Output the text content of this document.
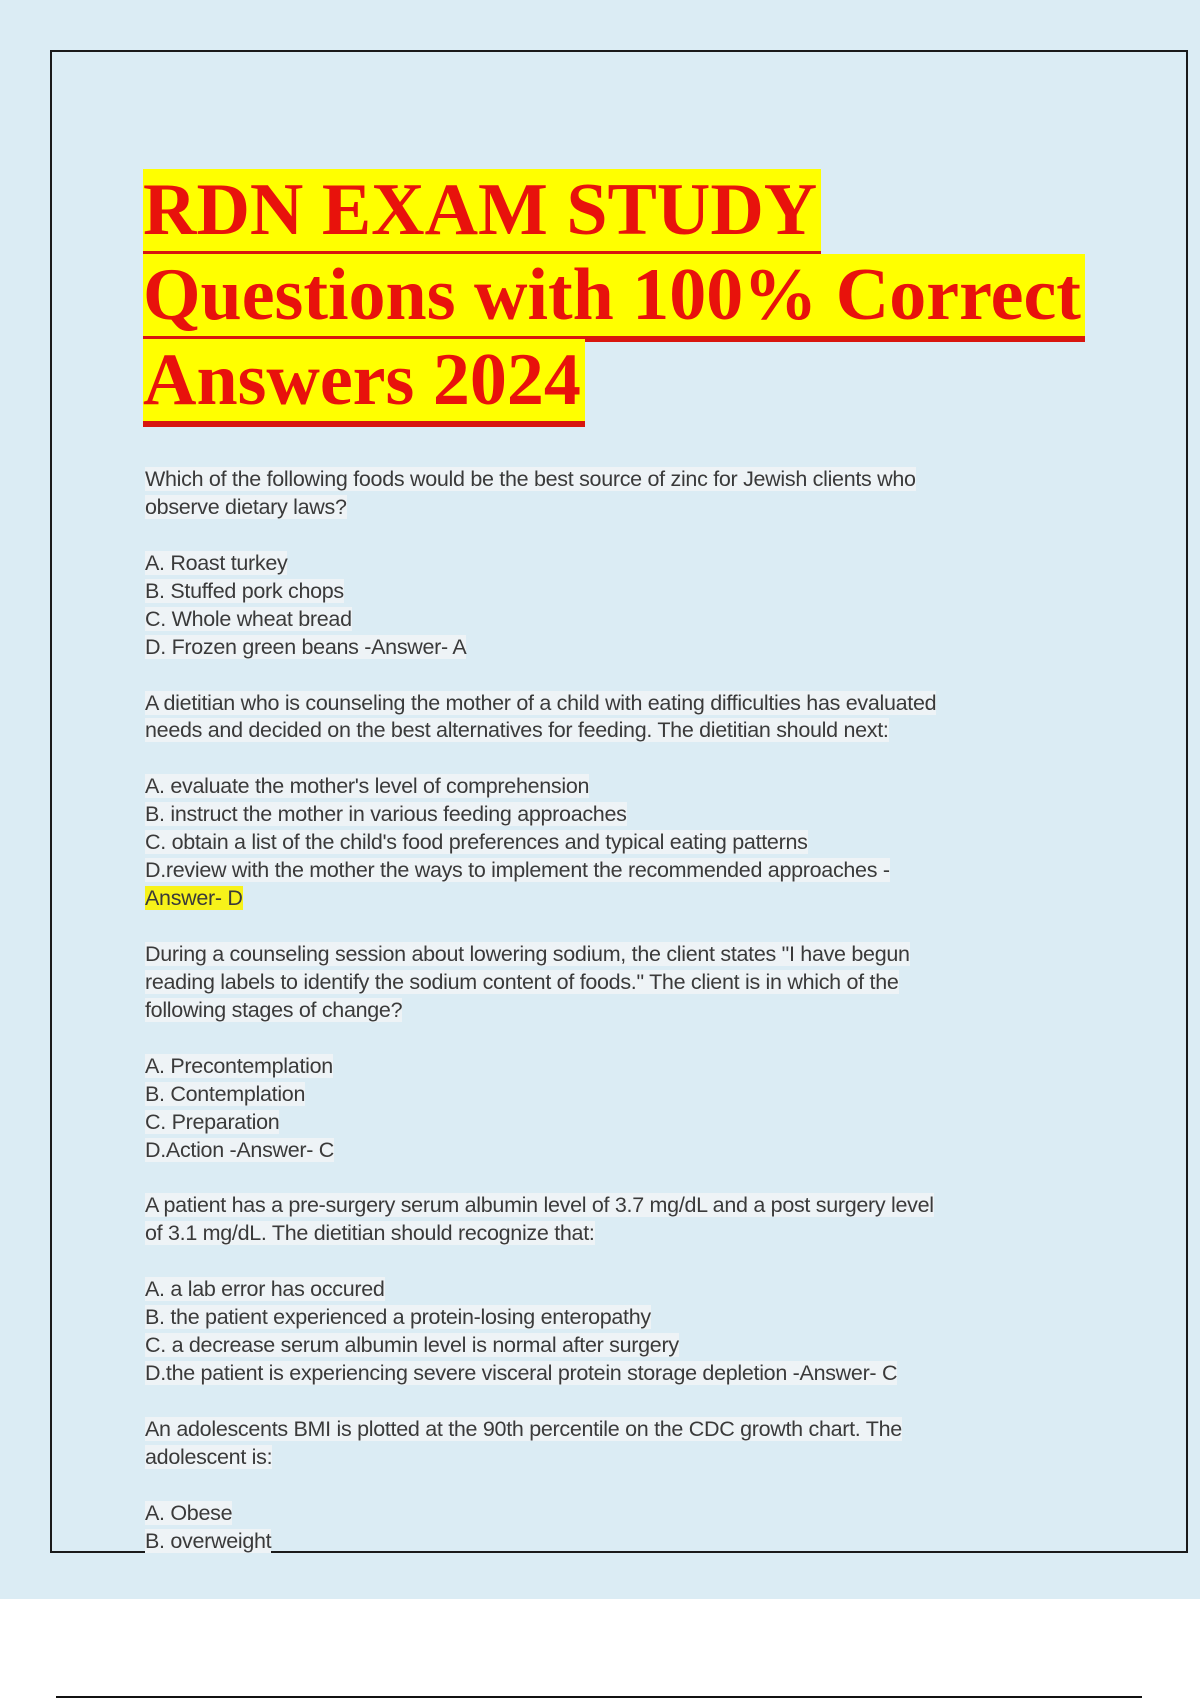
RDN EXAM STUDY
Questions with 100% Correct
Answers 2024
Which of the following foods would be the best source of zinc for Jewish clients who
observe dietary laws?
A. Roast turkey
B. Stuffed pork chops
C. Whole wheat bread
D. Frozen green beans -Answer- A
A dietitian who is counseling the mother of a child with eating difficulties has evaluated
needs and decided on the best alternatives for feeding. The dietitian should next:
A. evaluate the mother's level of comprehension
B. instruct the mother in various feeding approaches
C. obtain a list of the child's food preferences and typical eating patterns
D.review with the mother the ways to implement the recommended approaches -
Answer- D
During a counseling session about lowering sodium, the client states "I have begun
reading labels to identify the sodium content of foods." The client is in which of the
following stages of change?
A. Precontemplation
B. Contemplation
C. Preparation
D.Action -Answer- C
A patient has a pre-surgery serum albumin level of 3.7 mg/dL and a post surgery level
of 3.1 mg/dL. The dietitian should recognize that:
A. a lab error has occured
B. the patient experienced a protein-losing enteropathy
C. a decrease serum albumin level is normal after surgery
D.the patient is experiencing severe visceral protein storage depletion -Answer- C
An adolescents BMI is plotted at the 90th percentile on the CDC growth chart. The
adolescent is:
A. Obese
B. overweight
